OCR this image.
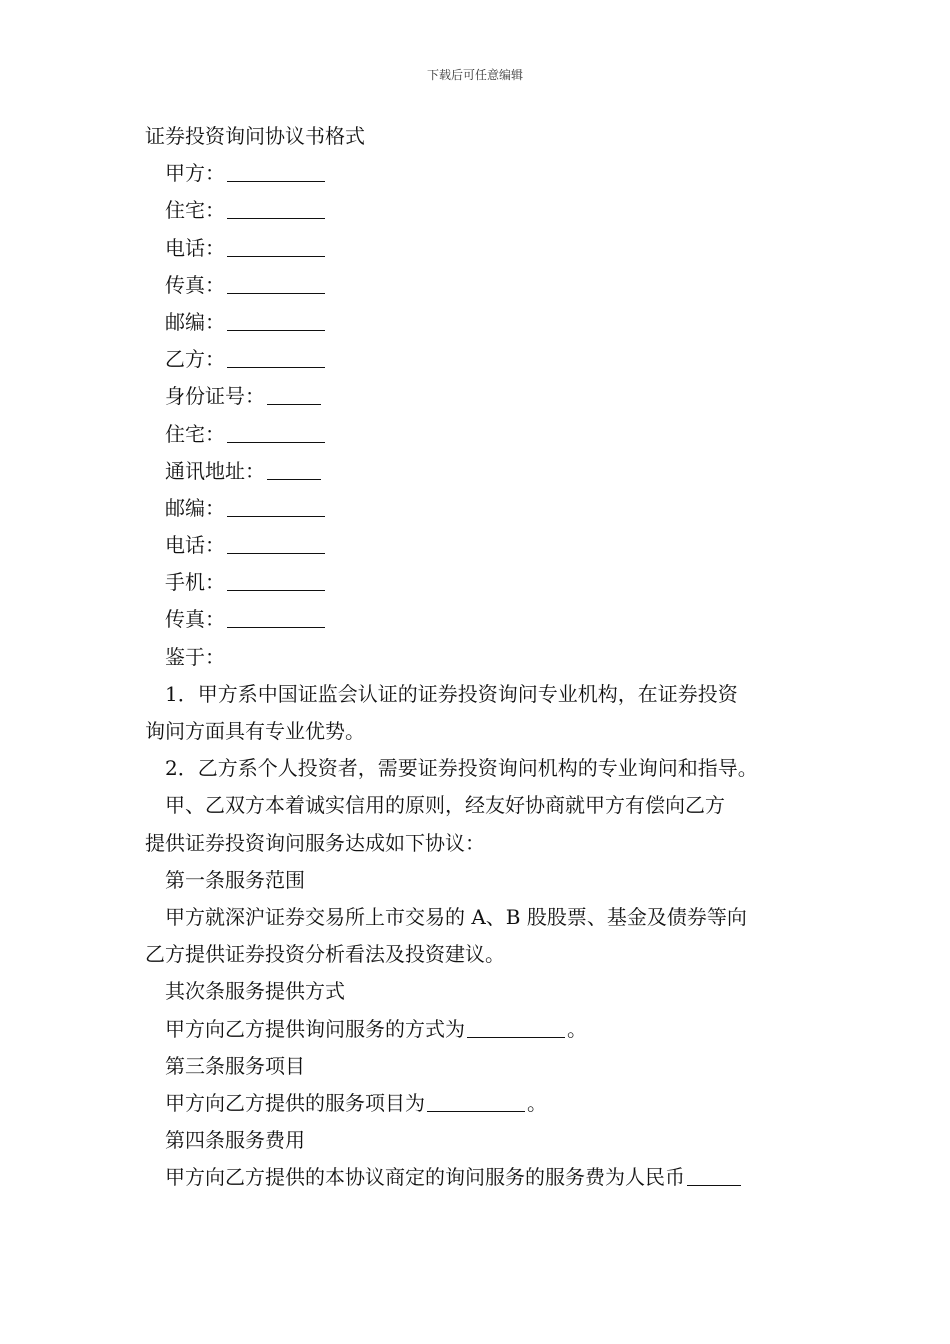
下载后可任意编辑
证券投资询问协议书格式
甲方：
住宅：
电话：
传真：
邮编：
乙方：
身份证号：
住宅：
通讯地址：
邮编：
电话：
手机：
传真：
鉴于：
1．甲方系中国证监会认证的证券投资询问专业机构，在证券投资
询问方面具有专业优势。
2．乙方系个人投资者，需要证券投资询问机构的专业询问和指导。
甲、乙双方本着诚实信用的原则，经友好协商就甲方有偿向乙方
提供证券投资询问服务达成如下协议：
第一条服务范围
甲方就深沪证券交易所上市交易的 A、B 股股票、基金及债券等向
乙方提供证券投资分析看法及投资建议。
其次条服务提供方式
甲方向乙方提供询问服务的方式为	。
第三条服务项目
甲方向乙方提供的服务项目为	。
第四条服务费用
甲方向乙方提供的本协议商定的询问服务的服务费为人民币
